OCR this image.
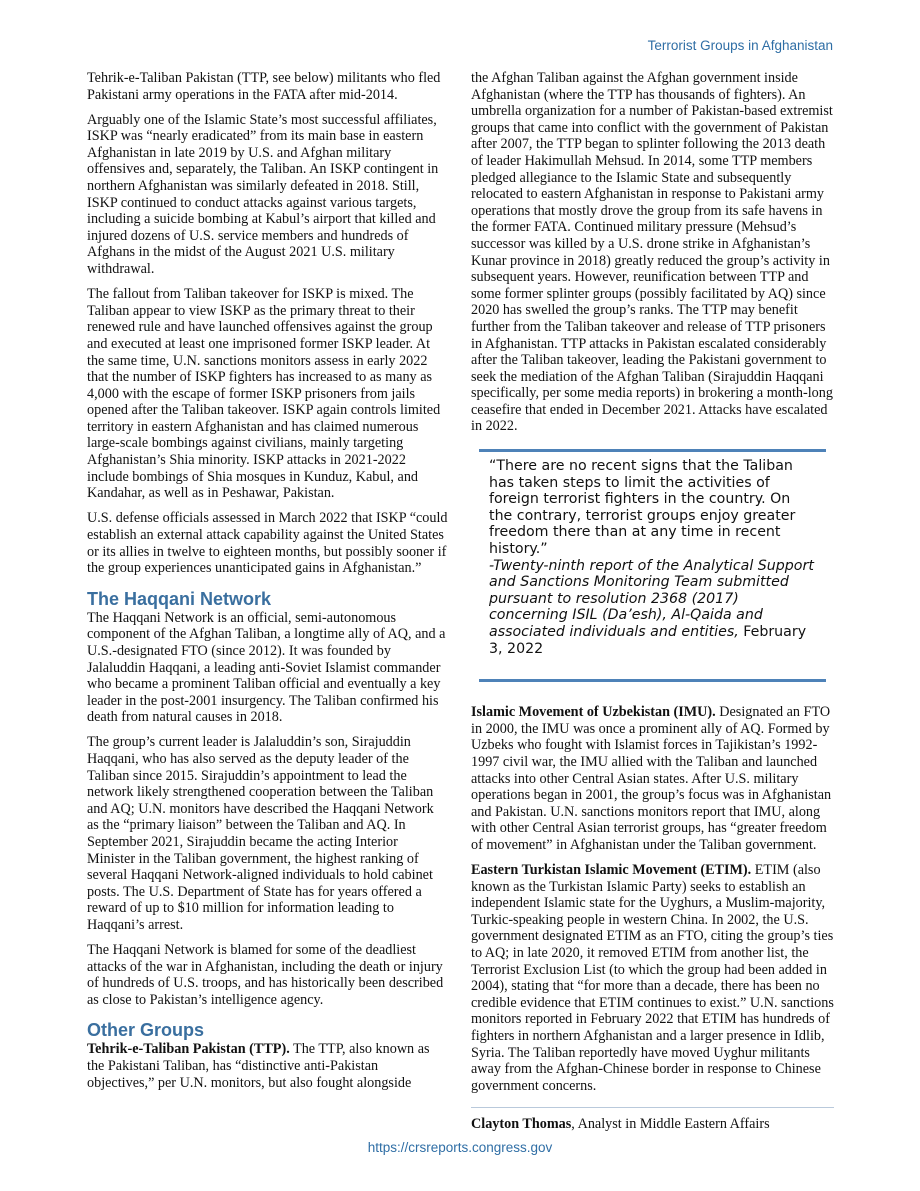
Terrorist Groups in Afghanistan

Tehrik-e-Taliban Pakistan (TTP, see below) militants who fled Pakistani army operations in the FATA after mid-2014.

Arguably one of the Islamic State’s most successful affiliates, ISKP was “nearly eradicated” from its main base in eastern Afghanistan in late 2019 by U.S. and Afghan military offensives and, separately, the Taliban. An ISKP contingent in northern Afghanistan was similarly defeated in 2018. Still, ISKP continued to conduct attacks against various targets, including a suicide bombing at Kabul’s airport that killed and injured dozens of U.S. service members and hundreds of Afghans in the midst of the August 2021 U.S. military withdrawal.

The fallout from Taliban takeover for ISKP is mixed. The Taliban appear to view ISKP as the primary threat to their renewed rule and have launched offensives against the group and executed at least one imprisoned former ISKP leader. At the same time, U.N. sanctions monitors assess in early 2022 that the number of ISKP fighters has increased to as many as 4,000 with the escape of former ISKP prisoners from jails opened after the Taliban takeover. ISKP again controls limited territory in eastern Afghanistan and has claimed numerous large-scale bombings against civilians, mainly targeting Afghanistan’s Shia minority. ISKP attacks in 2021-2022 include bombings of Shia mosques in Kunduz, Kabul, and Kandahar, as well as in Peshawar, Pakistan.

U.S. defense officials assessed in March 2022 that ISKP “could establish an external attack capability against the United States or its allies in twelve to eighteen months, but possibly sooner if the group experiences unanticipated gains in Afghanistan.”

The Haqqani Network

The Haqqani Network is an official, semi-autonomous component of the Afghan Taliban, a longtime ally of AQ, and a U.S.-designated FTO (since 2012). It was founded by Jalaluddin Haqqani, a leading anti-Soviet Islamist commander who became a prominent Taliban official and eventually a key leader in the post-2001 insurgency. The Taliban confirmed his death from natural causes in 2018.

The group’s current leader is Jalaluddin’s son, Sirajuddin Haqqani, who has also served as the deputy leader of the Taliban since 2015. Sirajuddin’s appointment to lead the network likely strengthened cooperation between the Taliban and AQ; U.N. monitors have described the Haqqani Network as the “primary liaison” between the Taliban and AQ. In September 2021, Sirajuddin became the acting Interior Minister in the Taliban government, the highest ranking of several Haqqani Network-aligned individuals to hold cabinet posts. The U.S. Department of State has for years offered a reward of up to $10 million for information leading to Haqqani’s arrest.

The Haqqani Network is blamed for some of the deadliest attacks of the war in Afghanistan, including the death or injury of hundreds of U.S. troops, and has historically been described as close to Pakistan’s intelligence agency.

Other Groups

Tehrik-e-Taliban Pakistan (TTP). The TTP, also known as the Pakistani Taliban, has “distinctive anti-Pakistan objectives,” per U.N. monitors, but also fought alongside

the Afghan Taliban against the Afghan government inside Afghanistan (where the TTP has thousands of fighters). An umbrella organization for a number of Pakistan-based extremist groups that came into conflict with the government of Pakistan after 2007, the TTP began to splinter following the 2013 death of leader Hakimullah Mehsud. In 2014, some TTP members pledged allegiance to the Islamic State and subsequently relocated to eastern Afghanistan in response to Pakistani army operations that mostly drove the group from its safe havens in the former FATA. Continued military pressure (Mehsud’s successor was killed by a U.S. drone strike in Afghanistan’s Kunar province in 2018) greatly reduced the group’s activity in subsequent years. However, reunification between TTP and some former splinter groups (possibly facilitated by AQ) since 2020 has swelled the group’s ranks. The TTP may benefit further from the Taliban takeover and release of TTP prisoners in Afghanistan. TTP attacks in Pakistan escalated considerably after the Taliban takeover, leading the Pakistani government to seek the mediation of the Afghan Taliban (Sirajuddin Haqqani specifically, per some media reports) in brokering a month-long ceasefire that ended in December 2021. Attacks have escalated in 2022.

“There are no recent signs that the Taliban has taken steps to limit the activities of foreign terrorist fighters in the country. On the contrary, terrorist groups enjoy greater freedom there than at any time in recent history.”

-Twenty-ninth report of the Analytical Support and Sanctions Monitoring Team submitted pursuant to resolution 2368 (2017) concerning ISIL (Da’esh), Al-Qaida and associated individuals and entities, February 3, 2022

Islamic Movement of Uzbekistan (IMU). Designated an FTO in 2000, the IMU was once a prominent ally of AQ. Formed by Uzbeks who fought with Islamist forces in Tajikistan’s 1992-1997 civil war, the IMU allied with the Taliban and launched attacks into other Central Asian states. After U.S. military operations began in 2001, the group’s focus was in Afghanistan and Pakistan. U.N. sanctions monitors report that IMU, along with other Central Asian terrorist groups, has “greater freedom of movement” in Afghanistan under the Taliban government.

Eastern Turkistan Islamic Movement (ETIM). ETIM (also known as the Turkistan Islamic Party) seeks to establish an independent Islamic state for the Uyghurs, a Muslim-majority, Turkic-speaking people in western China. In 2002, the U.S. government designated ETIM as an FTO, citing the group’s ties to AQ; in late 2020, it removed ETIM from another list, the Terrorist Exclusion List (to which the group had been added in 2004), stating that “for more than a decade, there has been no credible evidence that ETIM continues to exist.” U.N. sanctions monitors reported in February 2022 that ETIM has hundreds of fighters in northern Afghanistan and a larger presence in Idlib, Syria. The Taliban reportedly have moved Uyghur militants away from the Afghan-Chinese border in response to Chinese government concerns.

Clayton Thomas, Analyst in Middle Eastern Affairs
https://crsreports.congress.gov
